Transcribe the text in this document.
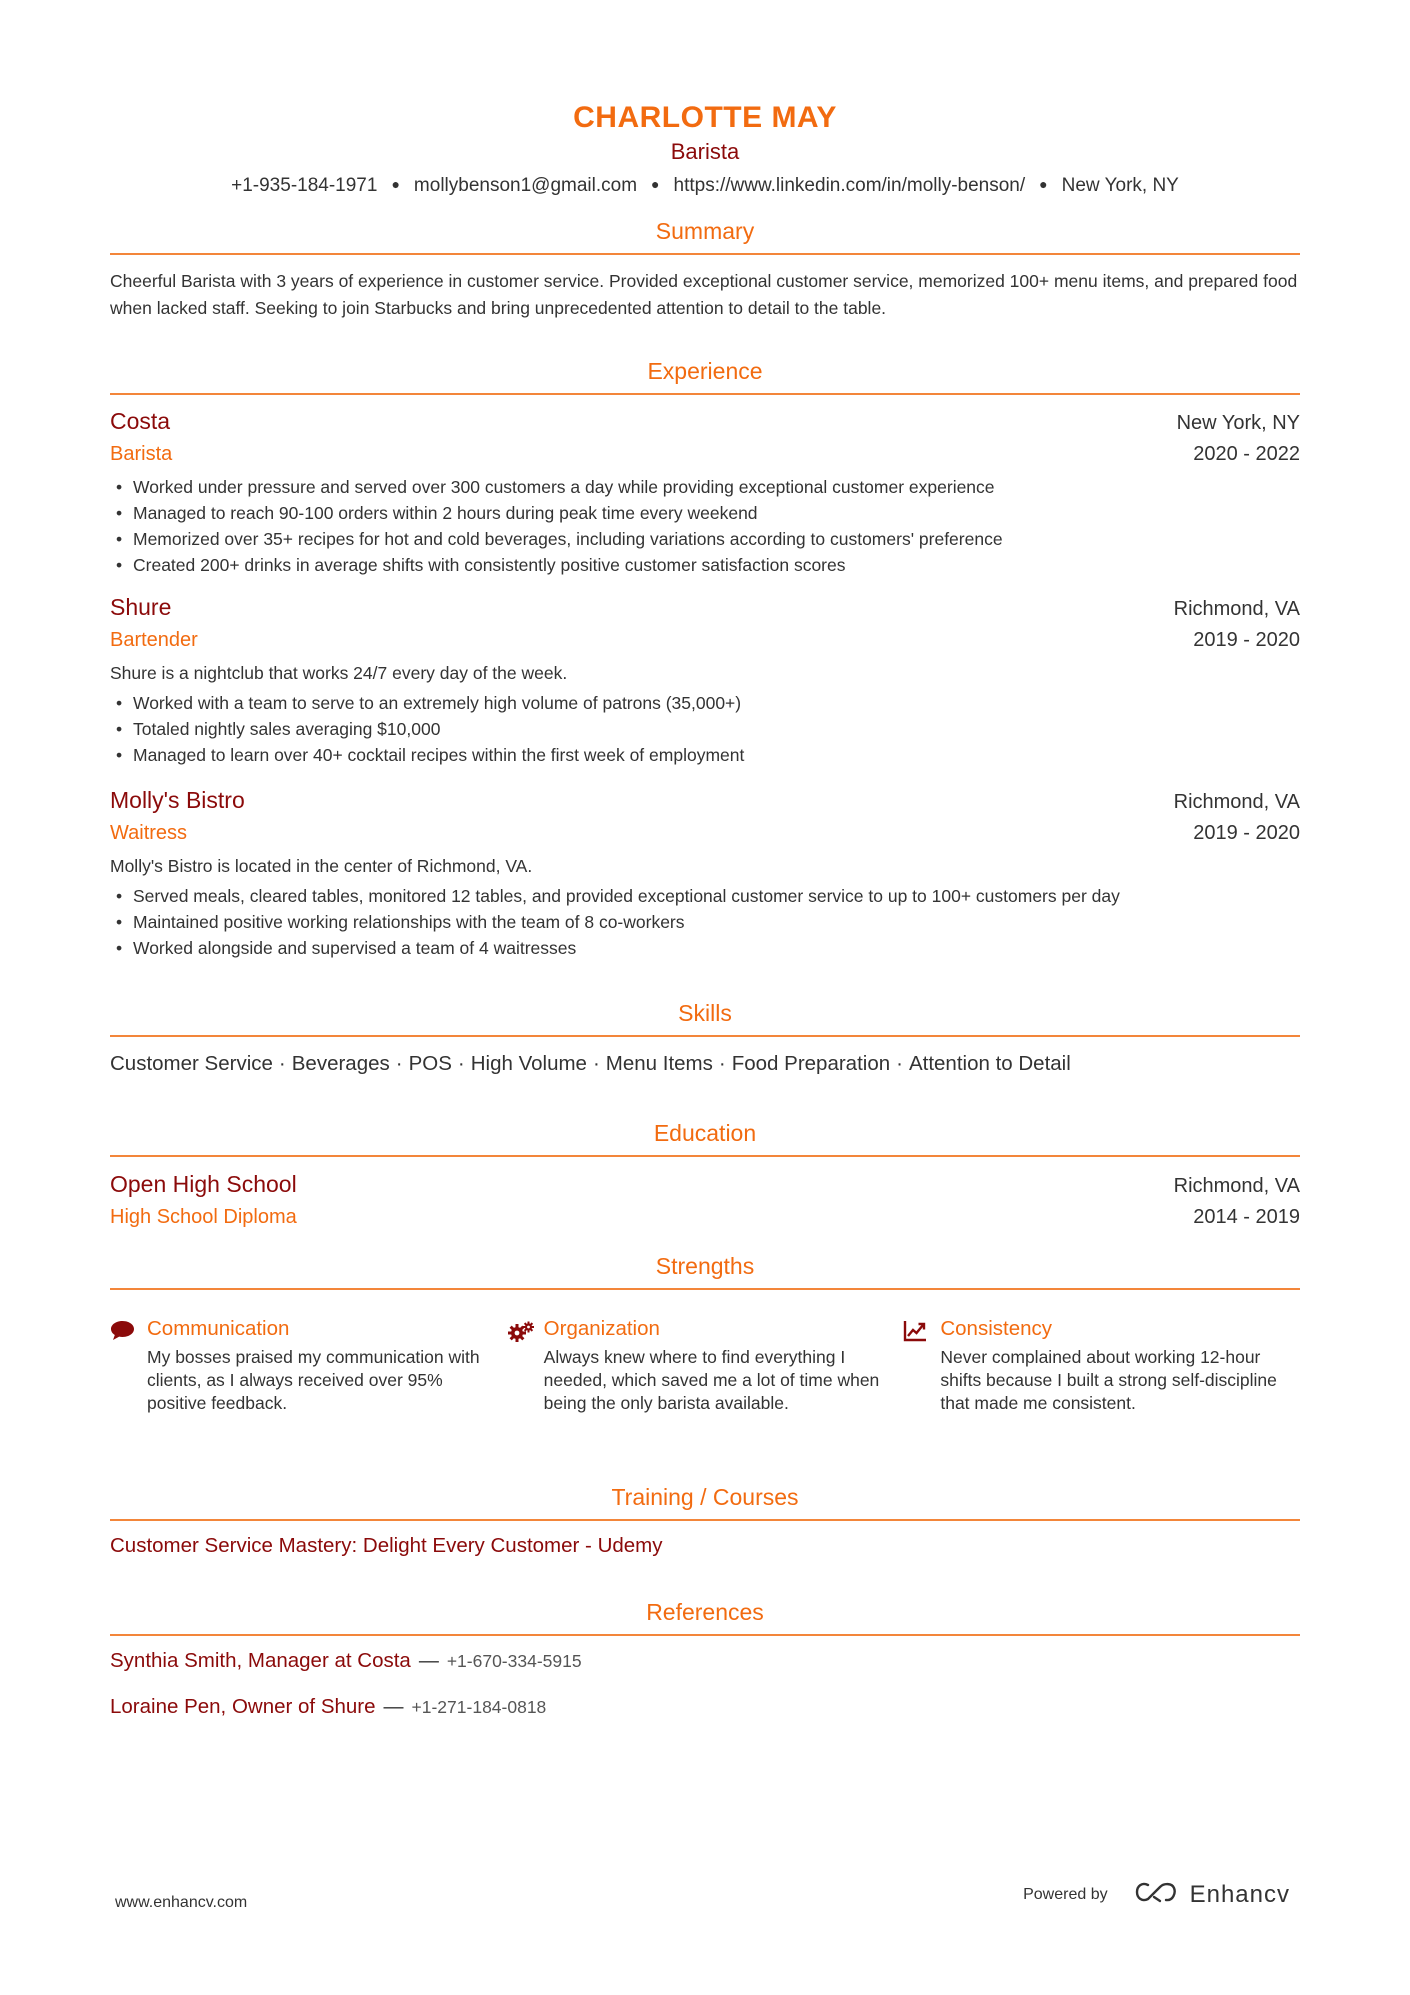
CHARLOTTE MAY
Barista
+1-935-184-1971 ● mollybenson1@gmail.com ● https://www.linkedin.com/in/molly-benson/ ● New York, NY
Summary
Cheerful Barista with 3 years of experience in customer service. Provided exceptional customer service, memorized 100+ menu items, and prepared food when lacked staff. Seeking to join Starbucks and bring unprecedented attention to detail to the table.
Experience
Costa	New York, NY
Barista	2020 - 2022
• Worked under pressure and served over 300 customers a day while providing exceptional customer experience
• Managed to reach 90-100 orders within 2 hours during peak time every weekend
• Memorized over 35+ recipes for hot and cold beverages, including variations according to customers' preference
• Created 200+ drinks in average shifts with consistently positive customer satisfaction scores
Shure	Richmond, VA
Bartender	2019 - 2020
Shure is a nightclub that works 24/7 every day of the week.
• Worked with a team to serve to an extremely high volume of patrons (35,000+)
• Totaled nightly sales averaging $10,000
• Managed to learn over 40+ cocktail recipes within the first week of employment
Molly's Bistro	Richmond, VA
Waitress	2019 - 2020
Molly's Bistro is located in the center of Richmond, VA.
• Served meals, cleared tables, monitored 12 tables, and provided exceptional customer service to up to 100+ customers per day
• Maintained positive working relationships with the team of 8 co-workers
• Worked alongside and supervised a team of 4 waitresses
Skills
Customer Service · Beverages · POS · High Volume · Menu Items · Food Preparation · Attention to Detail
Education
Open High School	Richmond, VA
High School Diploma	2014 - 2019
Strengths
Communication
My bosses praised my communication with clients, as I always received over 95% positive feedback.
Organization
Always knew where to find everything I needed, which saved me a lot of time when being the only barista available.
Consistency
Never complained about working 12-hour shifts because I built a strong self-discipline that made me consistent.
Training / Courses
Customer Service Mastery: Delight Every Customer - Udemy
References
Synthia Smith, Manager at Costa — +1-670-334-5915
Loraine Pen, Owner of Shure — +1-271-184-0818
www.enhancv.com	Powered by	Enhancv
